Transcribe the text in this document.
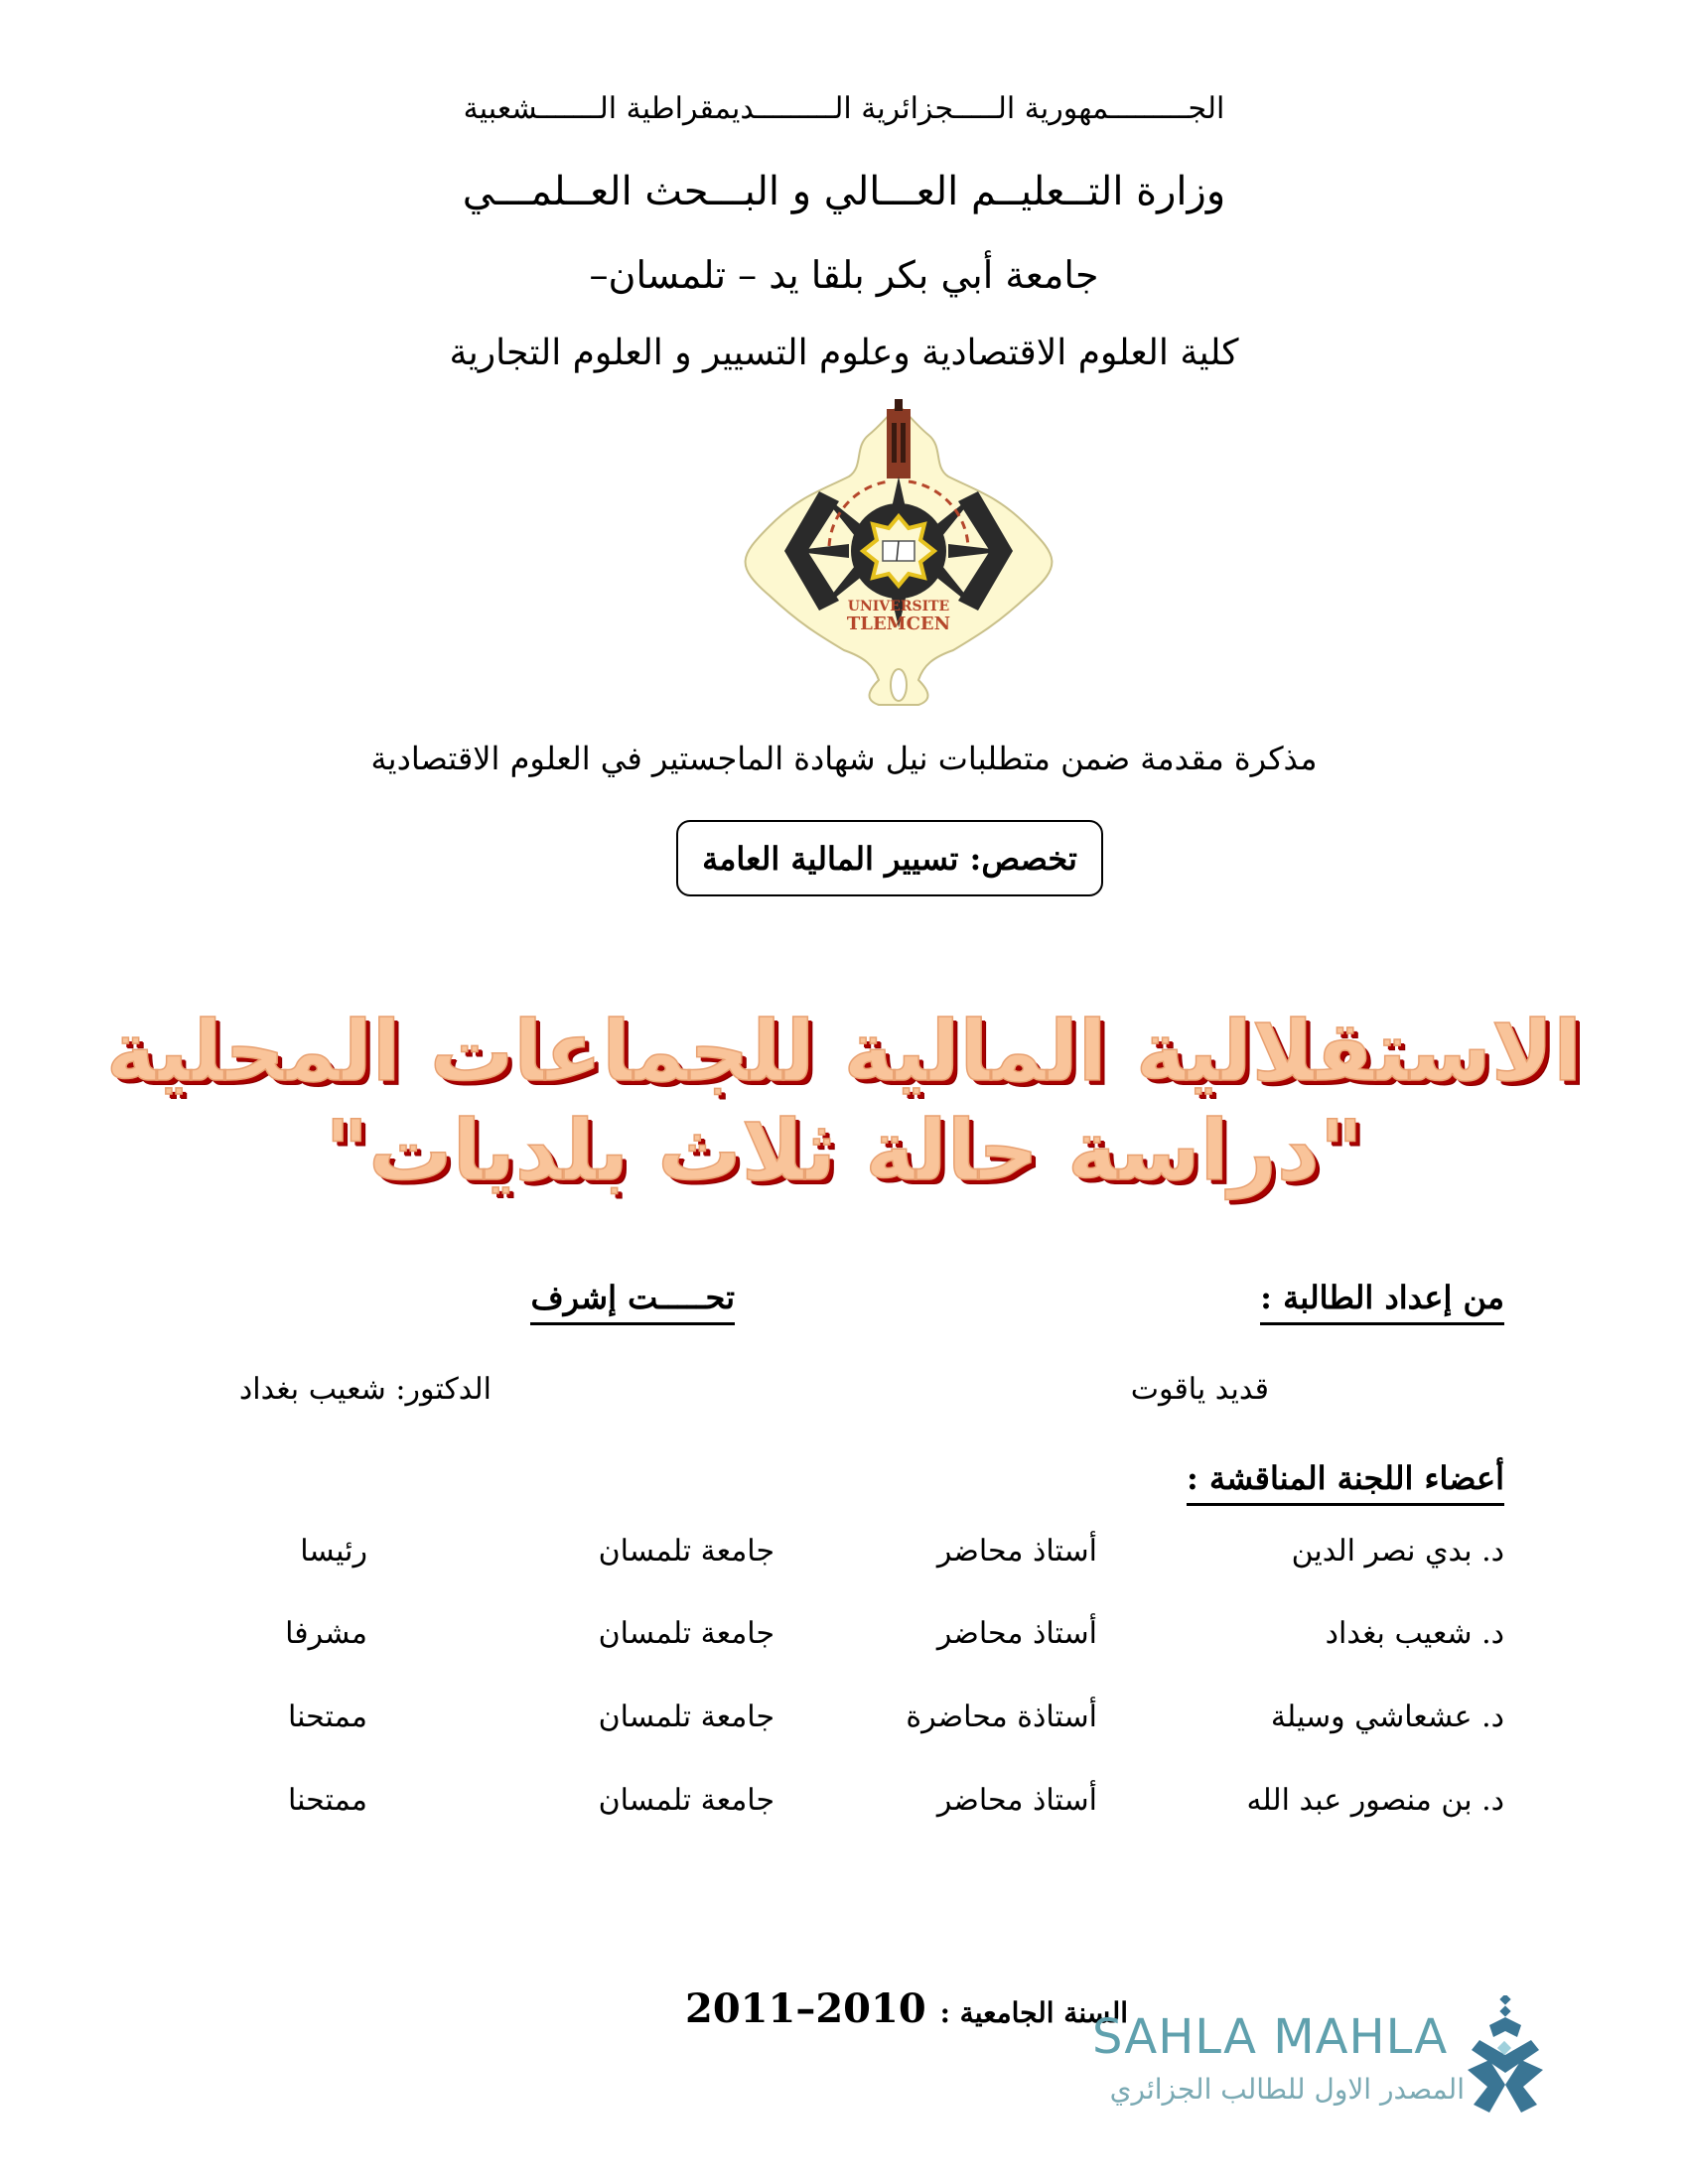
الجـــــــــمهورية الـــــجزائرية الـــــــــديمقراطية الـــــــشعبية
وزارة التــعليــم العـــالي و البـــحث العــلمـــي
جامعة أبي بكر بلقا يد – تلمسان–
كلية العلوم الاقتصادية وعلوم التسيير و العلوم التجارية
UNIVERSITE
TLEMCEN
مذكرة مقدمة ضمن متطلبات نيل شهادة الماجستير في العلوم الاقتصادية
تخصص: تسيير المالية العامة
الاستقلالية المالية للجماعات المحلية
"دراسة حالة ثلاث بلديات"
من إعداد الطالبة :
تحـــــت إشرف
قديد ياقوت
الدكتور: شعيب بغداد
أعضاء اللجنة المناقشة :
د. بدي نصر الدين
أستاذ محاضر
جامعة تلمسان
رئيسا
د. شعيب بغداد
أستاذ محاضر
جامعة تلمسان
مشرفا
د. عشعاشي وسيلة
أستاذة محاضرة
جامعة تلمسان
ممتحنا
د. بن منصور عبد الله
أستاذ محاضر
جامعة تلمسان
ممتحنا
السنة الجامعية : 2010–2011
SAHLA MAHLA
المصدر الاول للطالب الجزائري
